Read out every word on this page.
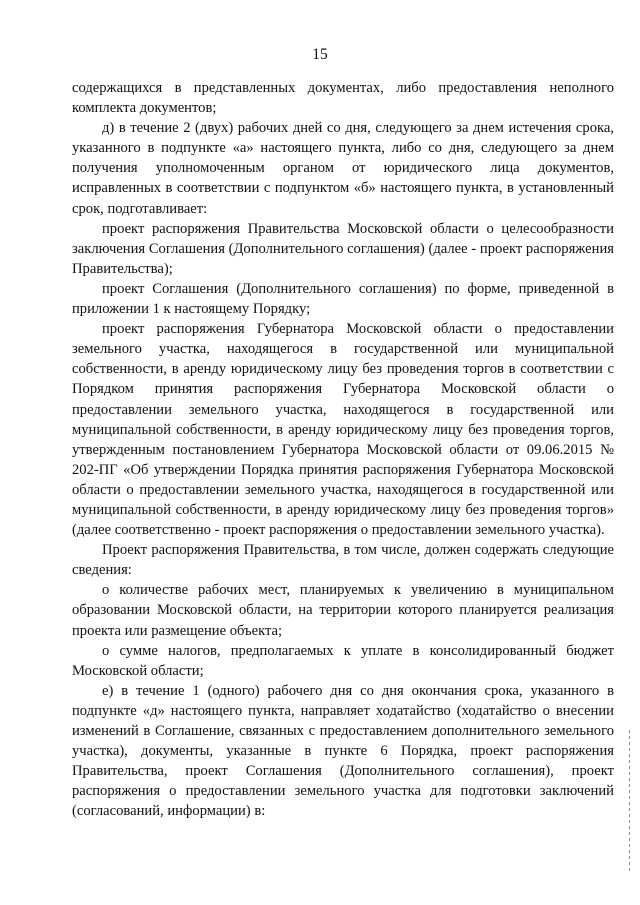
15

содержащихся в представленных документах, либо предоставления неполного комплекта документов;

д) в течение 2 (двух) рабочих дней со дня, следующего за днем истечения срока, указанного в подпункте «а» настоящего пункта, либо со дня, следующего за днем получения уполномоченным органом от юридического лица документов, исправленных в соответствии с подпунктом «б» настоящего пункта, в установленный срок, подготавливает:

проект распоряжения Правительства Московской области о целесообразности заключения Соглашения (Дополнительного соглашения) (далее - проект распоряжения Правительства);

проект Соглашения (Дополнительного соглашения) по форме, приведенной в приложении 1 к настоящему Порядку;

проект распоряжения Губернатора Московской области о предоставлении земельного участка, находящегося в государственной или муниципальной собственности, в аренду юридическому лицу без проведения торгов в соответствии с Порядком принятия распоряжения Губернатора Московской области о предоставлении земельного участка, находящегося в государственной или муниципальной собственности, в аренду юридическому лицу без проведения торгов, утвержденным постановлением Губернатора Московской области от 09.06.2015 № 202-ПГ «Об утверждении Порядка принятия распоряжения Губернатора Московской области о предоставлении земельного участка, находящегося в государственной или муниципальной собственности, в аренду юридическому лицу без проведения торгов» (далее соответственно - проект распоряжения о предоставлении земельного участка).

Проект распоряжения Правительства, в том числе, должен содержать следующие сведения:

о количестве рабочих мест, планируемых к увеличению в муниципальном образовании Московской области, на территории которого планируется реализация проекта или размещение объекта;

о сумме налогов, предполагаемых к уплате в консолидированный бюджет Московской области;

е) в течение 1 (одного) рабочего дня со дня окончания срока, указанного в подпункте «д» настоящего пункта, направляет ходатайство (ходатайство о внесении изменений в Соглашение, связанных с предоставлением дополнительного земельного участка), документы, указанные в пункте 6 Порядка, проект распоряжения Правительства, проект Соглашения (Дополнительного соглашения), проект распоряжения о предоставлении земельного участка для подготовки заключений (согласований, информации) в:
